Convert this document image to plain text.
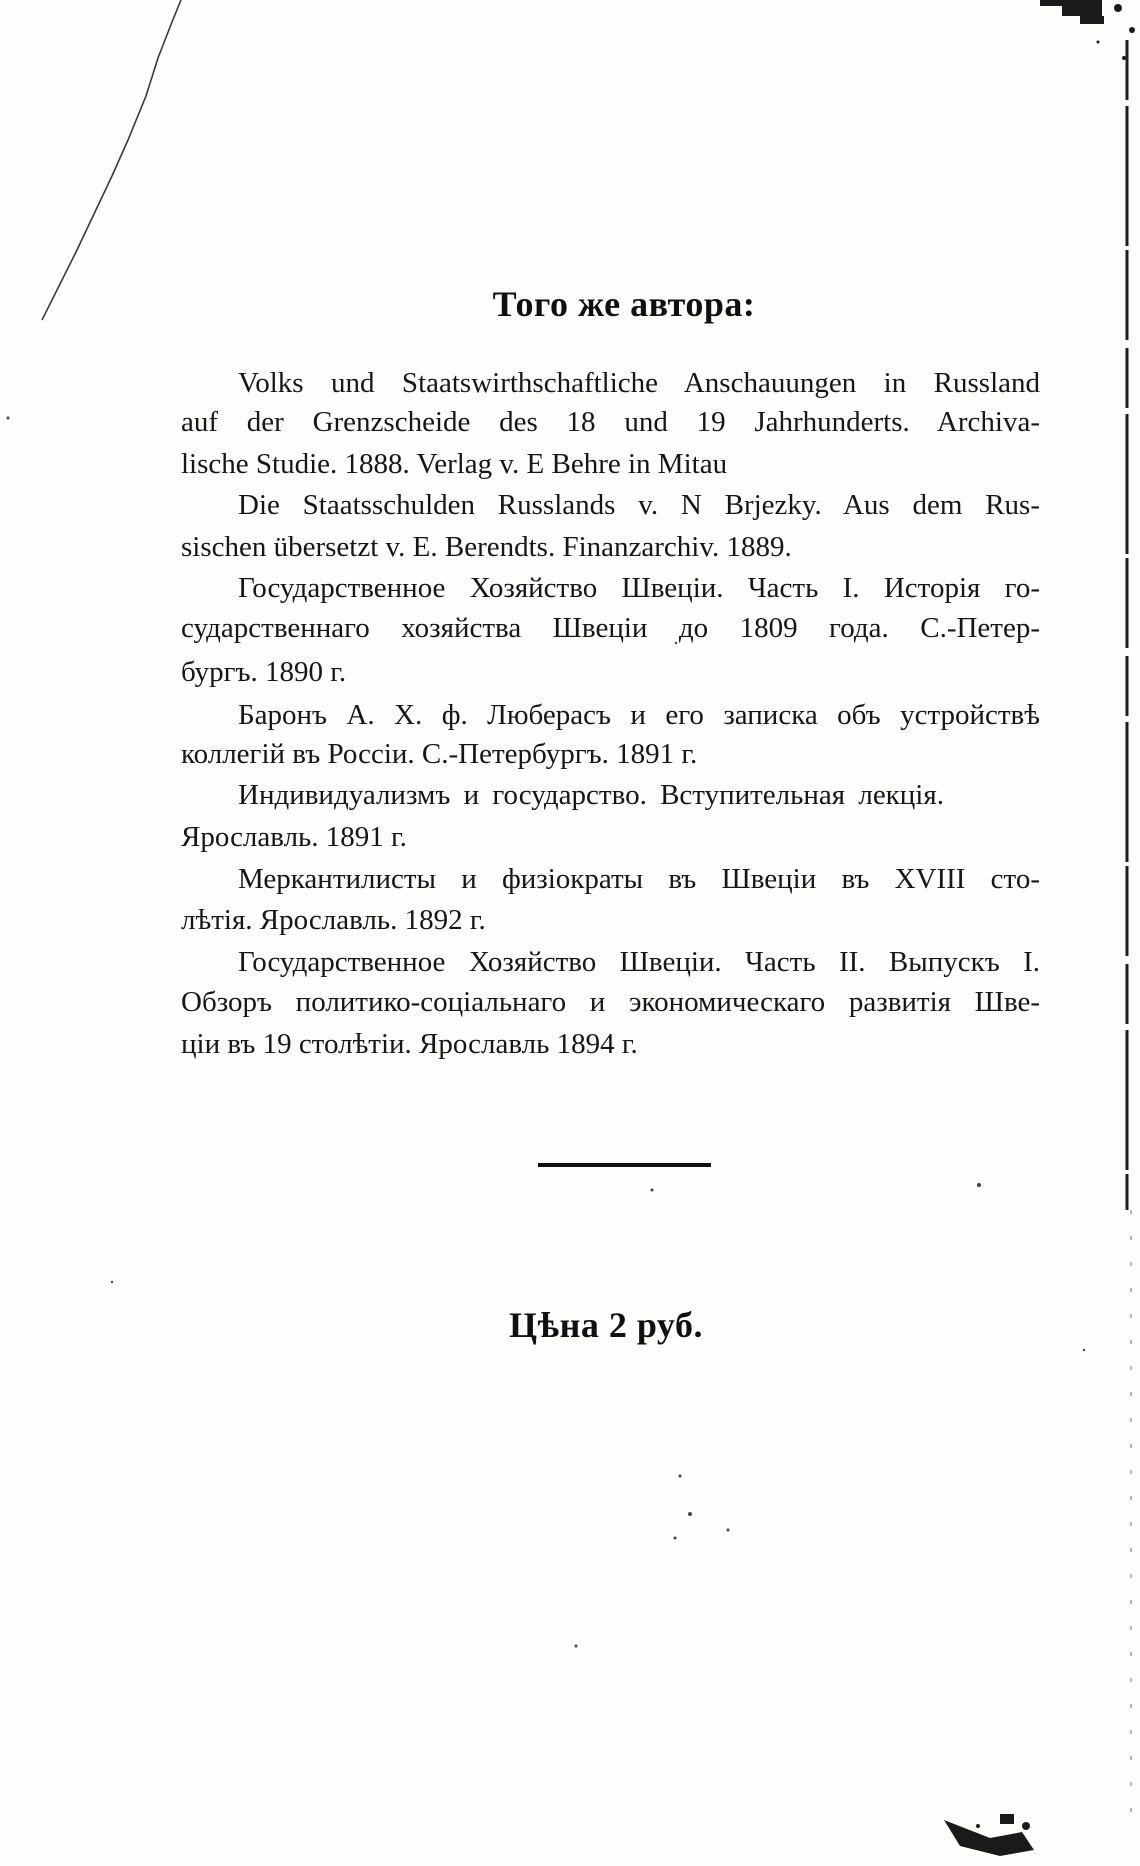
Того же автора:
Volks und Staatswirthschaftliche Anschauungen in Russland
auf der Grenzscheide des 18 und 19 Jahrhunderts. Archiva-
lische Studie. 1888. Verlag v. E Behre in Mitau
Die Staatsschulden Russlands v. N Brjezky. Aus dem Rus-
sischen übersetzt v. E. Berendts. Finanzarchiv. 1889.
Государственное Хозяйство Швеціи. Часть I. Исторія го-
сударственнаго хозяйства Швеціи до 1809 года. С.-Петер-
бургъ. 1890 г.
Баронъ А. Х. ф. Люберасъ и его записка объ устройствѣ
коллегій въ Россіи. С.-Петербургъ. 1891 г.
Индивидуализмъ и государство. Вступительная лекція.
Ярославль. 1891 г.
Меркантилисты и физіократы въ Швеціи въ XVIII сто-
лѣтія. Ярославль. 1892 г.
Государственное Хозяйство Швеціи. Часть II. Выпускъ I.
Обзоръ политико-соціальнаго и экономическаго развитія Шве-
ціи въ 19 столѣтіи. Ярославль 1894 г.
Цѣна 2 руб.
